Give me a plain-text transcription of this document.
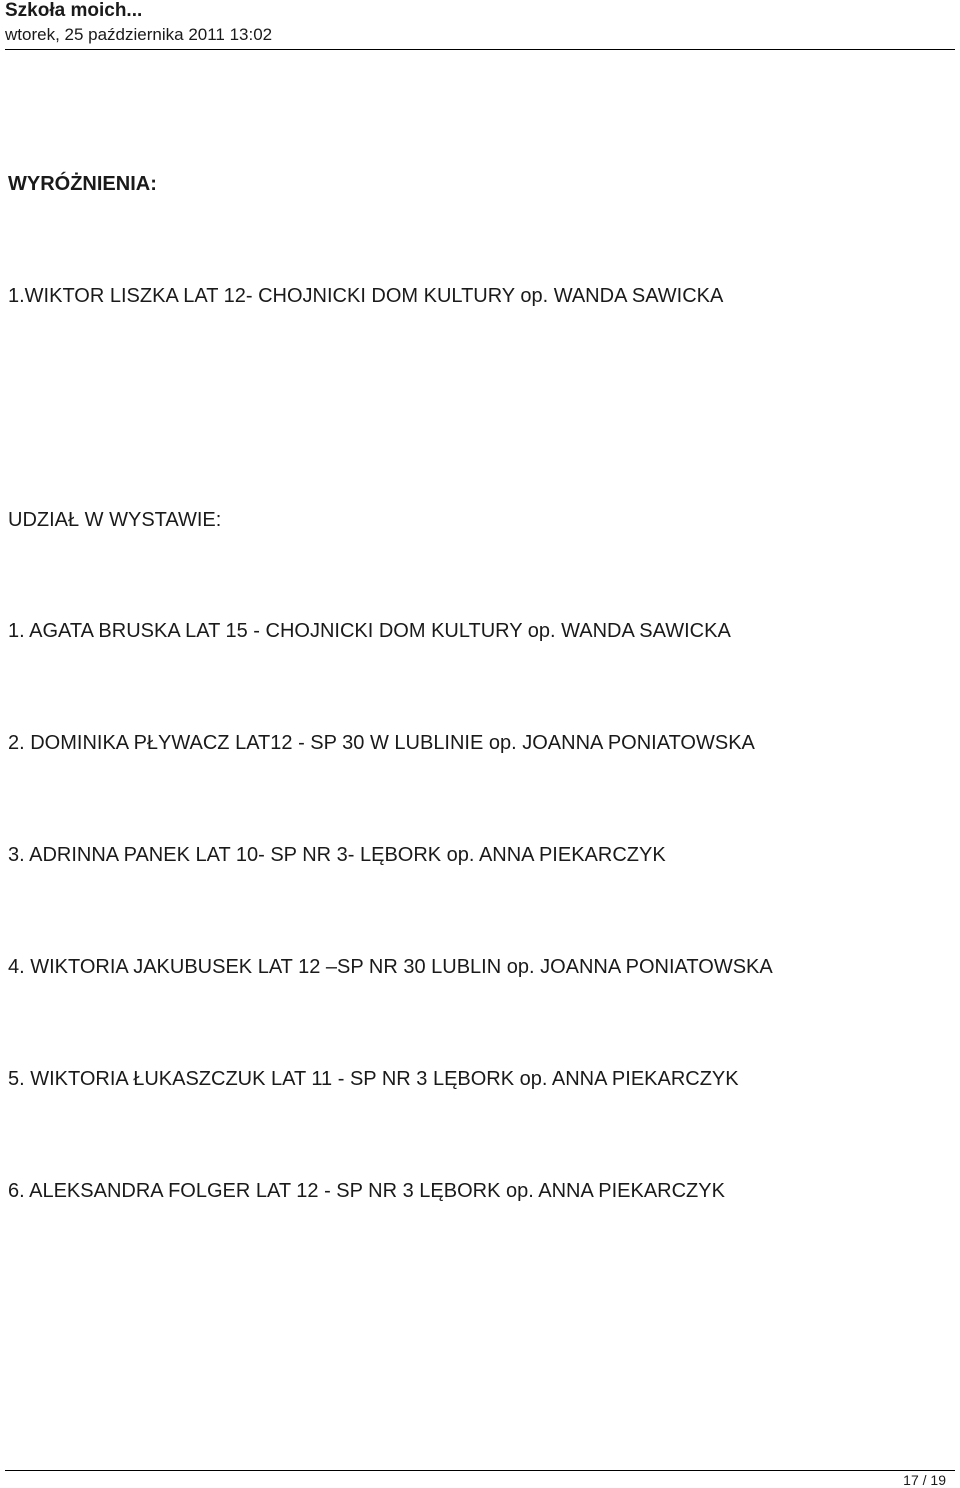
Szkoła moich...
wtorek, 25 października 2011 13:02
WYRÓŻNIENIA:
1.WIKTOR LISZKA LAT 12- CHOJNICKI DOM KULTURY op. WANDA SAWICKA
UDZIAŁ W WYSTAWIE:
1. AGATA BRUSKA LAT 15 - CHOJNICKI DOM KULTURY op. WANDA SAWICKA
2. DOMINIKA PŁYWACZ LAT12 - SP 30 W LUBLINIE op. JOANNA PONIATOWSKA
3. ADRINNA PANEK LAT 10- SP NR 3- LĘBORK op. ANNA PIEKARCZYK
4. WIKTORIA JAKUBUSEK LAT 12 –SP NR 30 LUBLIN op. JOANNA PONIATOWSKA
5. WIKTORIA ŁUKASZCZUK LAT 11 - SP NR 3 LĘBORK op. ANNA PIEKARCZYK
6. ALEKSANDRA FOLGER LAT 12 - SP NR 3 LĘBORK op. ANNA PIEKARCZYK
17 / 19
